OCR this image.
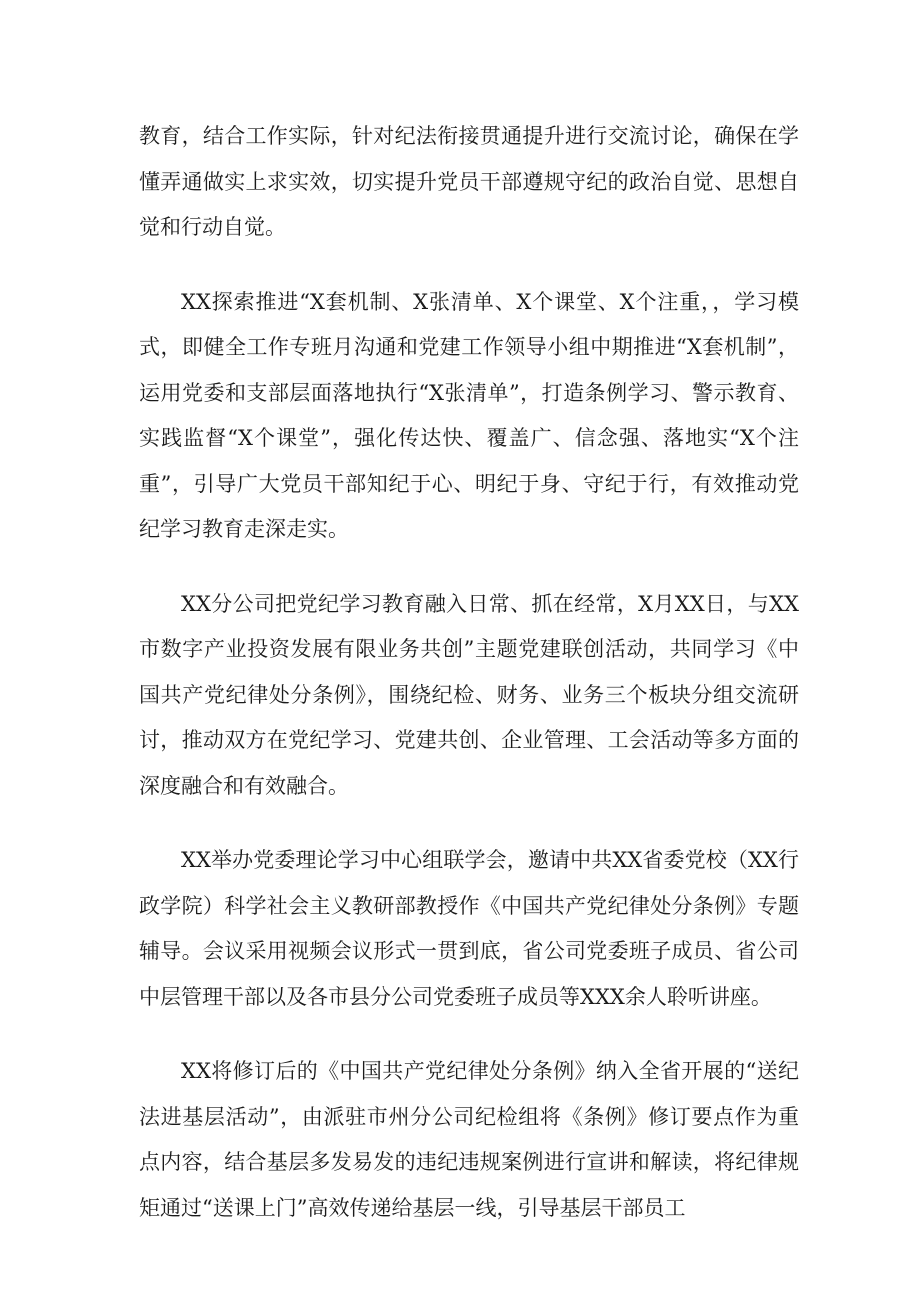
教育，结合工作实际，针对纪法衔接贯通提升进行交流讨论，确保在学懂弄通做实上求实效，切实提升党员干部遵规守纪的政治自觉、思想自觉和行动自觉。

XX探索推进“X套机制、X张清单、X个课堂、X个注重，，学习模式，即健全工作专班月沟通和党建工作领导小组中期推进“X套机制”，运用党委和支部层面落地执行“X张清单”，打造条例学习、警示教育、实践监督“X个课堂”，强化传达快、覆盖广、信念强、落地实“X个注重”，引导广大党员干部知纪于心、明纪于身、守纪于行，有效推动党纪学习教育走深走实。

XX分公司把党纪学习教育融入日常、抓在经常，X月XX日，与XX市数字产业投资发展有限业务共创”主题党建联创活动，共同学习《中国共产党纪律处分条例》，围绕纪检、财务、业务三个板块分组交流研讨，推动双方在党纪学习、党建共创、企业管理、工会活动等多方面的深度融合和有效融合。

XX举办党委理论学习中心组联学会，邀请中共XX省委党校（XX行政学院）科学社会主义教研部教授作《中国共产党纪律处分条例》专题辅导。会议采用视频会议形式一贯到底，省公司党委班子成员、省公司中层管理干部以及各市县分公司党委班子成员等XXX余人聆听讲座。

XX将修订后的《中国共产党纪律处分条例》纳入全省开展的“送纪法进基层活动”，由派驻市州分公司纪检组将《条例》修订要点作为重点内容，结合基层多发易发的违纪违规案例进行宣讲和解读，将纪律规矩通过“送课上门”高效传递给基层一线，引导基层干部员工
